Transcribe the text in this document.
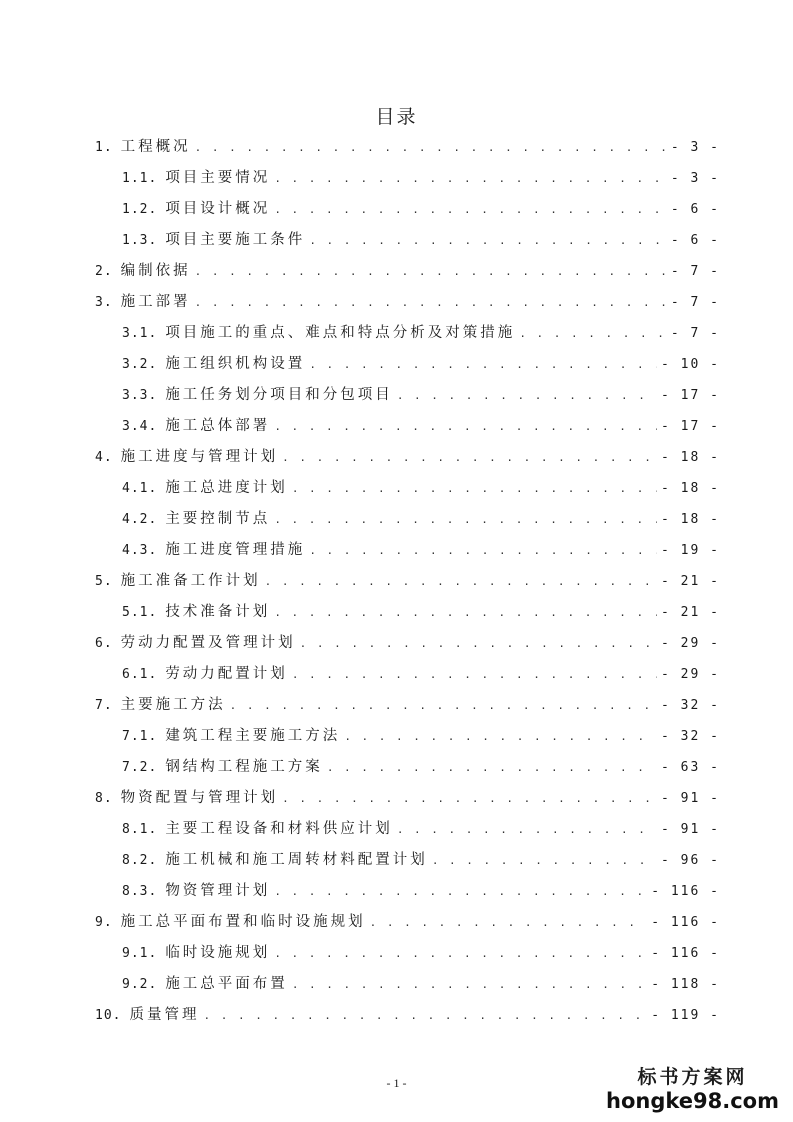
目录
1. 工程概况 . . .	- 3 -
1.1. 项目主要情况 . . .	- 3 -
1.2. 项目设计概况 . . .	- 6 -
1.3. 项目主要施工条件 . . .	- 6 -
2. 编制依据 . . .	- 7 -
3. 施工部署 . . .	- 7 -
3.1. 项目施工的重点、难点和特点分析及对策措施 . . .	- 7 -
3.2. 施工组织机构设置 . . .	- 10 -
3.3. 施工任务划分项目和分包项目 . . .	- 17 -
3.4. 施工总体部署 . . .	- 17 -
4. 施工进度与管理计划 . . .	- 18 -
4.1. 施工总进度计划 . . .	- 18 -
4.2. 主要控制节点 . . .	- 18 -
4.3. 施工进度管理措施 . . .	- 19 -
5. 施工准备工作计划 . . .	- 21 -
5.1. 技术准备计划 . . .	- 21 -
6. 劳动力配置及管理计划 . . .	- 29 -
6.1. 劳动力配置计划 . . .	- 29 -
7. 主要施工方法 . . .	- 32 -
7.1. 建筑工程主要施工方法 . . .	- 32 -
7.2. 钢结构工程施工方案 . . .	- 63 -
8. 物资配置与管理计划 . . .	- 91 -
8.1. 主要工程设备和材料供应计划 . . .	- 91 -
8.2. 施工机械和施工周转材料配置计划 . . .	- 96 -
8.3. 物资管理计划 . . .	- 116 -
9. 施工总平面布置和临时设施规划 . . .	- 116 -
9.1. 临时设施规划 . . .	- 116 -
9.2. 施工总平面布置 . . .	- 118 -
10. 质量管理 . . .	- 119 -
- 1 -	标书方案网
hongke98.com
